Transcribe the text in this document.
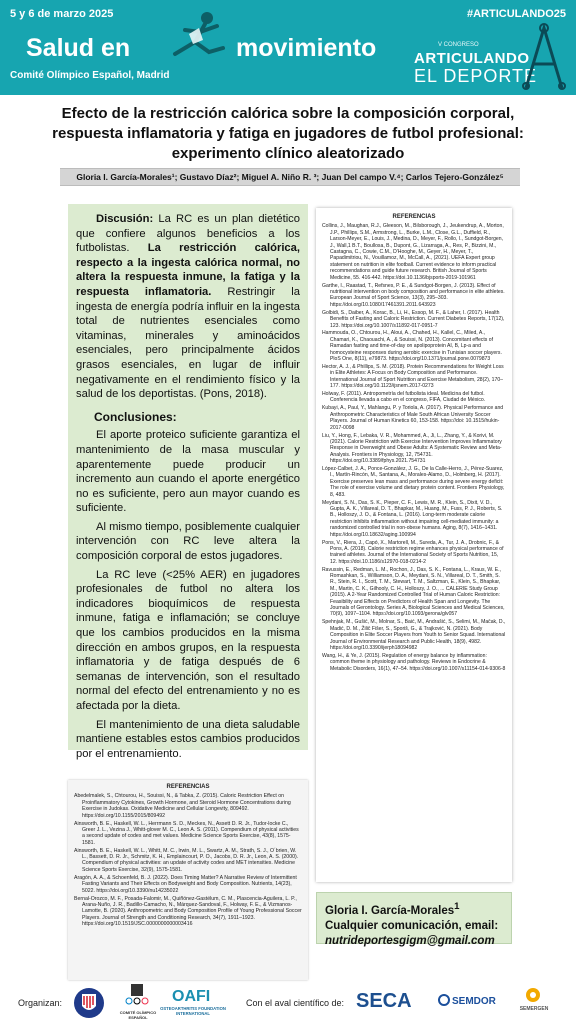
5 y 6 de marzo 2025	#ARTICULANDO25
Salud en	movimiento
Comité Olímpico Español, Madrid
V CONGRESO
ARTICULANDO
EL DEPORTE
Efecto de la restricción calórica sobre la composición corporal, respuesta inflamatoria y fatiga en jugadores de futbol profesional: experimento clínico aleatorizado
Gloria I. García-Morales¹; Gustavo Díaz²; Miguel A. Niño R. ³; Juan Del campo V.⁴; Carlos Tejero-González⁵

Discusión: La RC es un plan dietético que confiere algunos beneficios a los futbolistas. La restricción calórica, respecto a la ingesta calórica normal, no altera la respuesta inmune, la fatiga y la respuesta inflamatoria. Restringir la ingesta de energía podría influir en la ingesta total de nutrientes esenciales como vitaminas, minerales y aminoácidos esenciales, pero principalmente ácidos grasos esenciales, en lugar de influir negativamente en el rendimiento físico y la salud de los deportistas. (Pons, 2018).

Conclusiones:

El aporte proteico suficiente garantiza el mantenimiento de la masa muscular y aparentemente puede producir un incremento aun cuando el aporte energético no es suficiente, pero aun mayor cuando es suficiente.

Al mismo tiempo, posiblemente cualquier intervención con RC leve altera la composición corporal de estos jugadores.

La RC leve (<25% AER) en jugadores profesionales de futbol no altera los indicadores bioquímicos de respuesta inmune, fatiga e inflamación; se concluye que los cambios producidos en la misma dirección en ambos grupos, en la respuesta inflamatoria y de fatiga después de 6 semanas de intervención, son el resultado normal del efecto del entrenamiento y no es afectada por la dieta.

El mantenimiento de una dieta saludable mantiene estables estos cambios producidos por el entrenamiento.

REFERENCIAS

Abedelmalek, S., Chtourou, H., Souissi, N., & Tabka, Z. (2015). Caloric Restriction Effect on Proinflammatory Cytokines, Growth Hormone, and Steroid Hormone Concentrations during Exercise in Judokas. Oxidative Medicine and Cellular Longevity, 809492. https://doi.org/10.1155/2015/809492

Ainsworth, B. E., Haskell, W. L., Herrmann S. D., Meckes, N., Assett D. R. Jr., Tudor-locke C., Greer J. L., Vezina J., Whitt-glover M. C., Leon A. S. (2011). Compendium of physical activities a second update of codes and met values. Medicine Science Sports Exercise, 43(8), 1575-1581.

Ainsworth, B. E., Haskell, W. L., Whitt, M. C., Irwin, M. L., Swartz, A. M., Strath, S. J., O´brien, W. L., Bassett, D. R. Jr., Schmitz, K. H., Emplaincourt, P. O., Jacobs, D. R. Jr., Leon, A. S. (2000). Compendium of physical activities: an update of activity codes and MET intensities. Medicine Science Sports Exercise, 32(9), 1575-1581.

Aragón, A. A., & Schoenfeld, B. J. (2022). Does Timing Matter? A Narrative Review of Intermittent Fasting Variants and Their Effects on Bodyweight and Body Composition. Nutrients, 14(23), 5022. https://doi.org/10.3390/nu14235022

Bernal-Orozco, M. F., Posada-Falomir, M., Quiñónez-Gastélum, C. M., Plascencia-Aguilera, L. P., Arana-Nuño, J. R., Badillo-Camacho, N., Márquez-Sandoval, F., Holway, F. E., & Vizmanos-Lamotte, B. (2020). Anthropometric and Body Composition Profile of Young Professional Soccer Players. Journal of Strength and Conditioning Research, 34(7), 1911–1923. https://doi.org/10.1519/JSC.0000000000003416

REFERENCIAS

Collins, J., Maughan, R.J., Gleeson, M., Bilsborough, J., Jeukendrup, A., Morton, J.P., Phillips, S.M., Armstrong, L., Burke, L.M., Close, G.L., Duffield, R., Larson-Meyer, E., Louis, J., Medina, D., Meyer, F., Rollo, I., Sundgot-Borgen, J., Wall,1 B.T., Boullosa, B., Dupont, G., Lizarraga, A., Res, P., Bizzini, M., Castagna, C., Cowie, C.M., D'Hooghe, M., Geyer, H., Meyer, T., Papadimitriou, N., Vouillamoz, M., McCall, A., (2021). UEFA Expert group statement on nutrition in elite football. Current evidence to inform practical recommendations and guide future research. British Journal of Sports Medicine, 55. 416-442. https://doi.10.1136/bjsports-2019-101961

Garthe, I., Raastad, T., Refsnes, P. E., & Sundgot-Borgen, J. (2013). Effect of nutritional intervention on body composition and performance in elite athletes. European Journal of Sport Science, 13(3), 295–303. https://doi.org/10.1080/17461391.2011.643923

Golbidi, S., Daiber, A., Korac, B., Li, H., Essop, M. F., & Laher, I. (2017). Health Benefits of Fasting and Caloric Restriction. Current Diabetes Reports, 17(12), 123. https://doi.org/10.1007/s11892-017-0951-7

Hammouda, O., Chtourou, H., Aloui, A., Chahed, H., Kallel, C., Miled, A., Chamari, K., Chaouachi, A., & Souissi, N. (2013). Concomitant effects of Ramadan fasting and time-of-day on apolipoprotein AI, B, Lp-a and homocysteine responses during aerobic exercise in Tunisian soccer players. PloS One, 8(11), e79873. https://doi.org/10.1371/journal.pone.0079873

Hector, A. J., & Phillips, S. M. (2018). Protein Recommendations for Weight Loss in Elite Athletes: A Focus on Body Composition and Performance. International Journal of Sport Nutrition and Exercise Metabolism, 28(2), 170–177. https://doi.org/10.1123/ijsnem.2017-0273

Holway, F. (2011). Antropometría del futbolista ideal. Medicina del futbol. Conferencia llevada a cabo en el congreso, FIFA, Ciudad de México.

Kubayi, A., Paul, Y., Mahlangu, P. y Toriola, A. (2017). Physical Performance and Anthropometric Characteristics of Male South African University Soccer Players. Journal of Human Kinetics 60, 153-158. https://doi: 10.1515/hukin-2017-0098

Liu, Y., Hong, F., Lebaka, V. R., Mohammed, A., Ji, L., Zhang, Y., & Korivi, M. (2021). Calorie Restriction with Exercise Intervention Improves Inflammatory Response in Overweight and Obese Adults: A Systematic Review and Meta-Analysis. Frontiers in Physiology, 12, 754731. https://doi.org/10.3389/fphys.2021.754731

López-Calbet, J. A., Ponce-González, J. G., De la Calle-Herro, J., Pérez-Suarez, I., Martín-Rincón, M., Santana, A., Morales-Alamo, D., Holmberg, H. (2017). Exercise preserves lean mass and performance during severe energy deficit: The role of exercise volume and dietary protein content. Frontiers Physiology, 8, 483.

Meydani, S. N., Das, S. K., Pieper, C. F., Lewis, M. R., Klein, S., Dixit, V. D., Gupta, A. K., Villareal, D. T., Bhapkar, M., Huang, M., Fuss, P. J., Roberts, S. B., Holloszy, J. O., & Fontana, L. (2016). Long-term moderate calorie restriction inhibits inflammation without impairing cell-mediated immunity: a randomized controlled trial in non-obese humans. Aging, 8(7), 1416–1431. https://doi.org/10.18632/aging.100994

Pons, V., Riera, J., Capó, X., Martorell, M., Sureda, A., Tur, J. A., Drobnic, F., & Pons, A. (2018). Calorie restriction regime enhances physical performance of trained athletes. Journal of the International Society of Sports Nutrition, 15, 12. https://doi.10.1186/s12970-018-0214-2

Ravussin, E., Redman, L. M., Rochon, J., Das, S. K., Fontana, L., Kraus, W. E., Romashkan, S., Williamson, D. A., Meydani, S. N., Villareal, D. T., Smith, S. R., Stein, R. I., Scott, T. M., Stewart, T. M., Saltzman, E., Klein, S., Bhapkar, M., Martin, C. K., Gilhooly, C. H., Holloszy, J. O., ... CALERIE Study Group (2015). A 2-Year Randomized Controlled Trial of Human Caloric Restriction: Feasibility and Effects on Predictors of Health Span and Longevity. The Journals of Gerontology. Series A, Biological Sciences and Medical Sciences, 70(9), 1097–1104. https://doi.org/10.1093/gerona/glv057

Spehnjak, M., Gušić, M., Molnar, S., Baić, M., Andrašić, S., Selimi, M., Mačak, D., Madić, D. M., Žilič Fišer, S., Sporiš, G., & Trajković, N. (2021). Body Composition in Elite Soccer Players from Youth to Senior Squad. International Journal of Environmental Research and Public Health, 18(9), 4982. https://doi.org/10.3390/ijerph18094982

Wang, H., & Ye, J. (2015). Regulation of energy balance by inflammation: common theme in physiology and pathology. Reviews in Endocrine & Metabolic Disorders, 16(1), 47–54. https://doi.org/10.1007/s11154-014-9306-8

Gloria I. García-Morales$^1$ Cualquier comunicación, email:
nutrideportesgigm@gmail.com
Organizan:
COMITÉ OLÍMPICO ESPAÑOL
OAFI
OSTEOARTHRITIS FOUNDATION INTERNATIONAL
Con el aval científico de: SECA	SEMDOR
SEMERGEN
